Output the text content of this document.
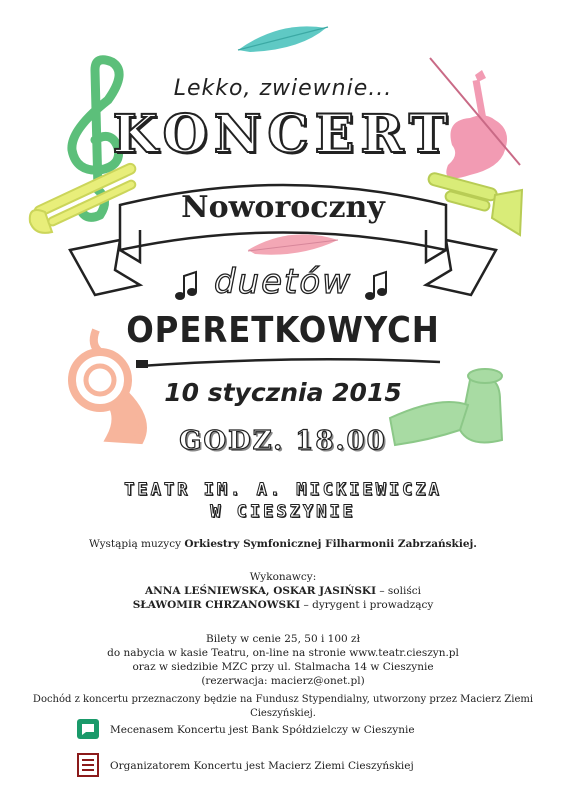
Lekko, zwiewnie...
KONCERT
Noworoczny
duetów
OPERETKOWYCH
10 stycznia 2015
GODZ. 18.00
TEATR IM. A. MICKIEWICZA
W CIESZYNIE
Wystąpią muzycy Orkiestry Symfonicznej Filharmonii Zabrzańskiej.
Wykonawcy:
ANNA LEŚNIEWSKA, OSKAR JASIŃSKI – soliści
SŁAWOMIR CHRZANOWSKI – dyrygent i prowadzący
Bilety w cenie 25, 50 i 100 zł
do nabycia w kasie Teatru, on-line na stronie www.teatr.cieszyn.pl
oraz w siedzibie MZC przy ul. Stalmacha 14 w Cieszynie
(rezerwacja: macierz@onet.pl)
Dochód z koncertu przeznaczony będzie na Fundusz Stypendialny, utworzony przez Macierz Ziemi Cieszyńskiej.
Mecenasem Koncertu jest Bank Spółdzielczy w Cieszynie
Organizatorem Koncertu jest Macierz Ziemi Cieszyńskiej
